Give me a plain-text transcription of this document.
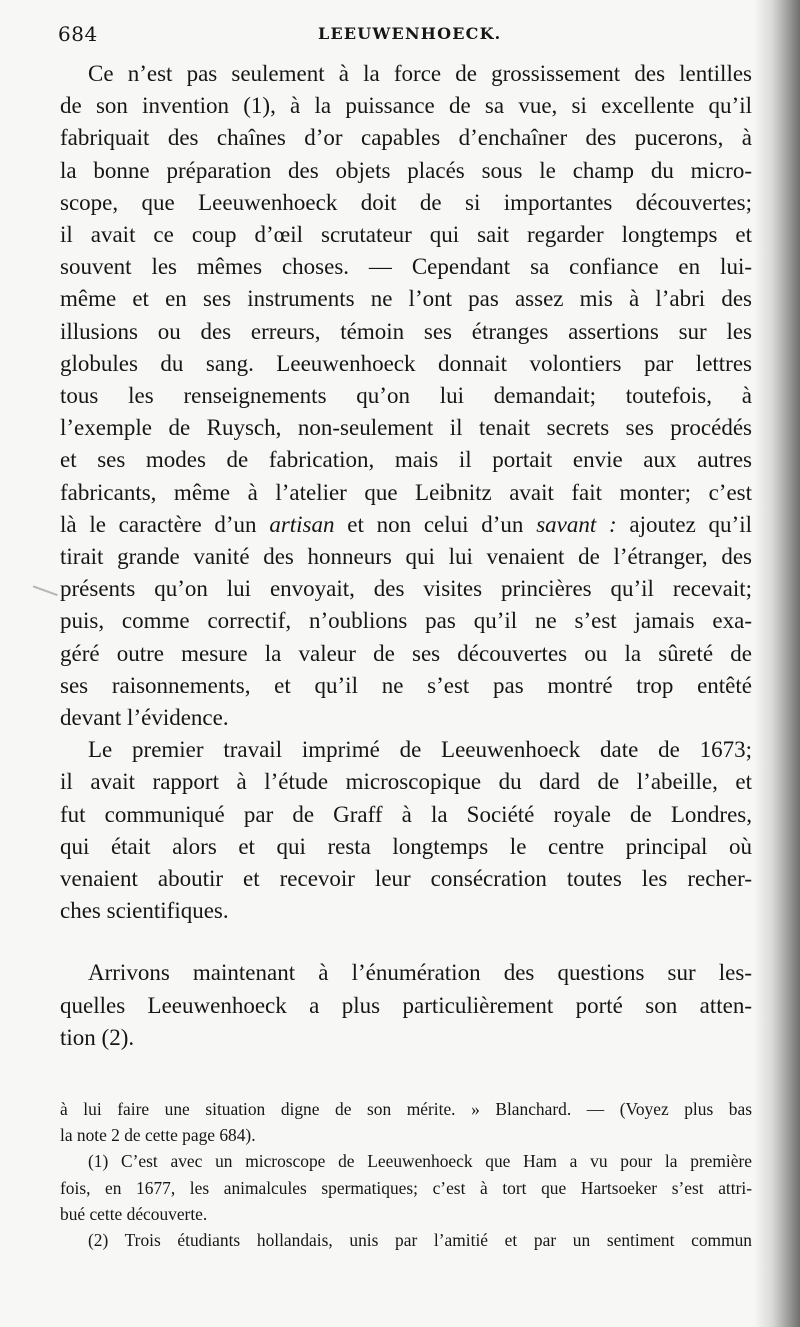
684	LEEUWENHOECK.
Ce n’est pas seulement à la force de grossissement des lentilles
de son invention (1), à la puissance de sa vue, si excellente qu’il
fabriquait des chaînes d’or capables d’enchaîner des pucerons, à
la bonne préparation des objets placés sous le champ du micro-
scope, que Leeuwenhoeck doit de si importantes découvertes;
il avait ce coup d’œil scrutateur qui sait regarder longtemps et
souvent les mêmes choses. — Cependant sa confiance en lui-
même et en ses instruments ne l’ont pas assez mis à l’abri des
illusions ou des erreurs, témoin ses étranges assertions sur les
globules du sang. Leeuwenhoeck donnait volontiers par lettres
tous les renseignements qu’on lui demandait; toutefois, à
l’exemple de Ruysch, non-seulement il tenait secrets ses procédés
et ses modes de fabrication, mais il portait envie aux autres
fabricants, même à l’atelier que Leibnitz avait fait monter; c’est
là le caractère d’un artisan et non celui d’un savant : ajoutez qu’il
tirait grande vanité des honneurs qui lui venaient de l’étranger, des
présents qu’on lui envoyait, des visites princières qu’il recevait;
puis, comme correctif, n’oublions pas qu’il ne s’est jamais exa-
géré outre mesure la valeur de ses découvertes ou la sûreté de
ses raisonnements, et qu’il ne s’est pas montré trop entêté
devant l’évidence.
Le premier travail imprimé de Leeuwenhoeck date de 1673;
il avait rapport à l’étude microscopique du dard de l’abeille, et
fut communiqué par de Graff à la Société royale de Londres,
qui était alors et qui resta longtemps le centre principal où
venaient aboutir et recevoir leur consécration toutes les recher-
ches scientifiques.
Arrivons maintenant à l’énumération des questions sur les-
quelles Leeuwenhoeck a plus particulièrement porté son atten-
tion (2).
à lui faire une situation digne de son mérite. » Blanchard. — (Voyez plus bas
la note 2 de cette page 684).
(1) C’est avec un microscope de Leeuwenhoeck que Ham a vu pour la première
fois, en 1677, les animalcules spermatiques; c’est à tort que Hartsoeker s’est attri-
bué cette découverte.
(2) Trois étudiants hollandais, unis par l’amitié et par un sentiment commun
